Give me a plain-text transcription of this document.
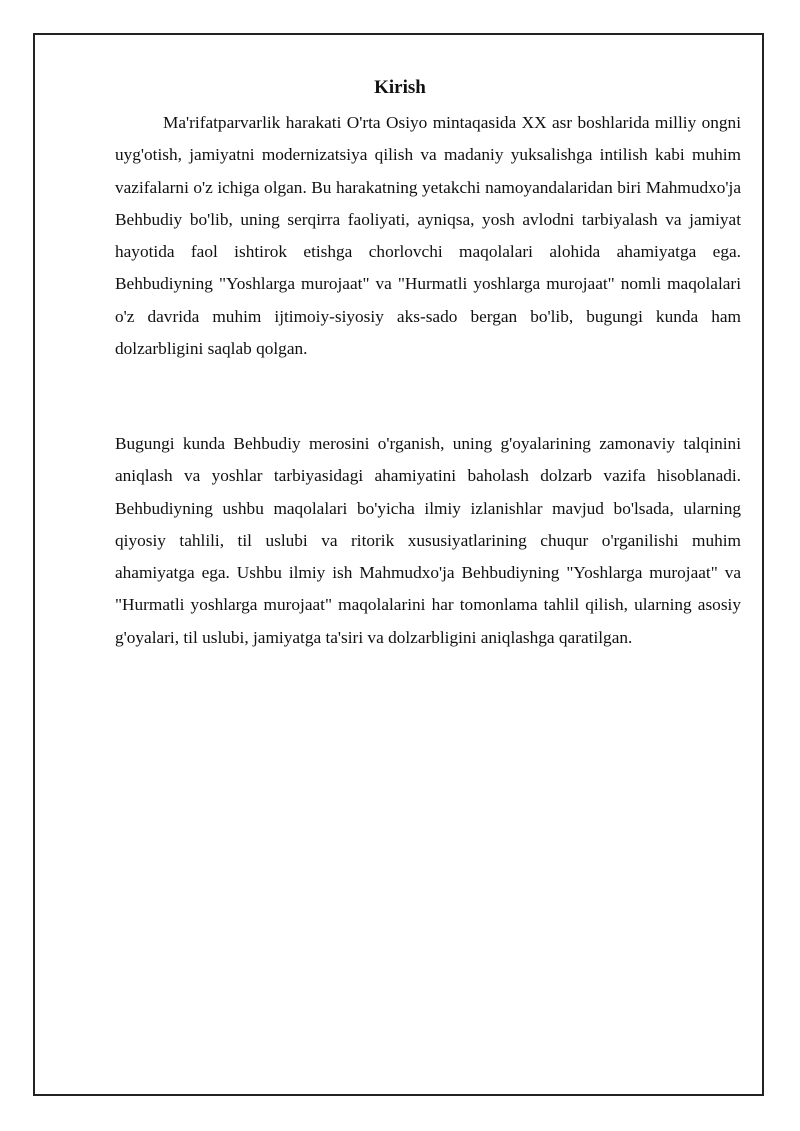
Kirish

Ma'rifatparvarlik harakati O'rta Osiyo mintaqasida XX asr boshlarida milliy ongni uyg'otish, jamiyatni modernizatsiya qilish va madaniy yuksalishga intilish kabi muhim vazifalarni o'z ichiga olgan. Bu harakatning yetakchi namoyandalaridan biri Mahmudxo'ja Behbudiy bo'lib, uning serqirra faoliyati, ayniqsa, yosh avlodni tarbiyalash va jamiyat hayotida faol ishtirok etishga chorlovchi maqolalari alohida ahamiyatga ega. Behbudiyning "Yoshlarga murojaat" va "Hurmatli yoshlarga murojaat" nomli maqolalari o'z davrida muhim ijtimoiy-siyosiy aks-sado bergan bo'lib, bugungi kunda ham dolzarbligini saqlab qolgan.

Bugungi kunda Behbudiy merosini o'rganish, uning g'oyalarining zamonaviy talqinini aniqlash va yoshlar tarbiyasidagi ahamiyatini baholash dolzarb vazifa hisoblanadi. Behbudiyning ushbu maqolalari bo'yicha ilmiy izlanishlar mavjud bo'lsada, ularning qiyosiy tahlili, til uslubi va ritorik xususiyatlarining chuqur o'rganilishi muhim ahamiyatga ega. Ushbu ilmiy ish Mahmudxo'ja Behbudiyning "Yoshlarga murojaat" va "Hurmatli yoshlarga murojaat" maqolalarini har tomonlama tahlil qilish, ularning asosiy g'oyalari, til uslubi, jamiyatga ta'siri va dolzarbligini aniqlashga qaratilgan.
